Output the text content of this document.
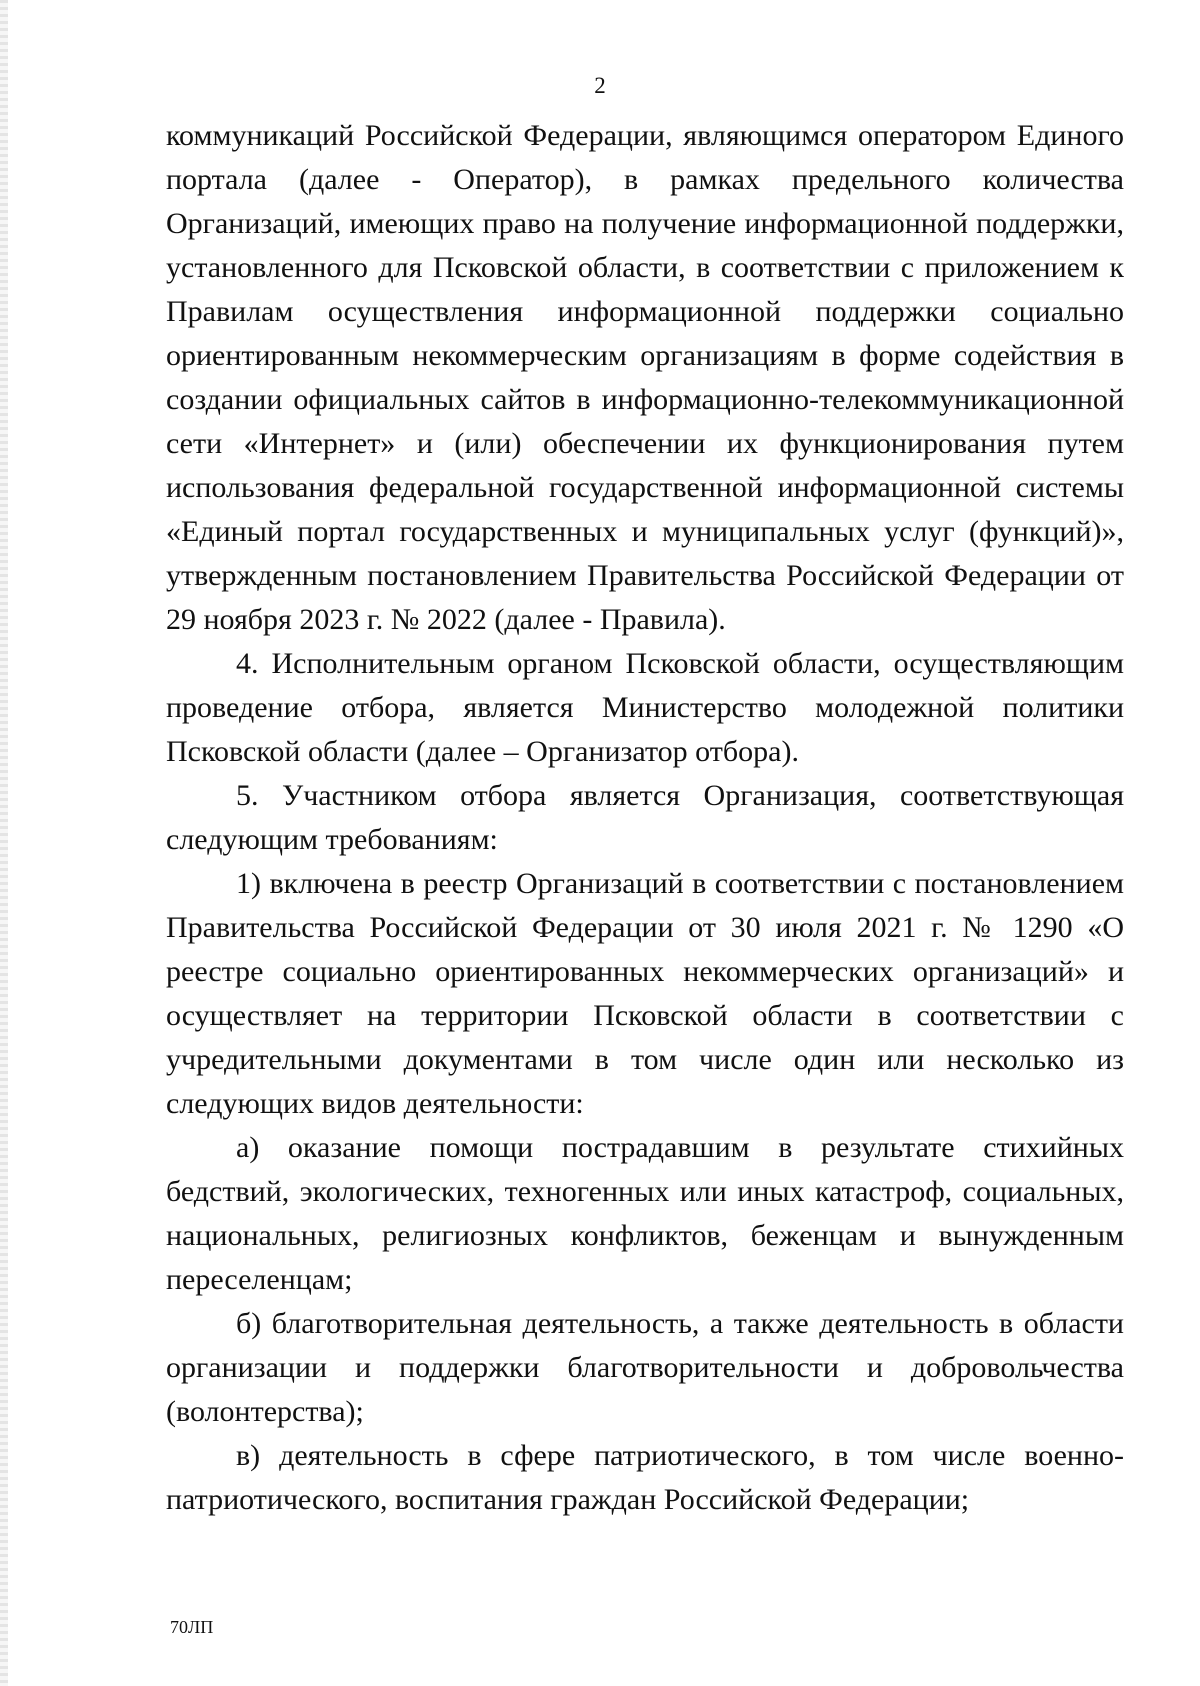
2

коммуникаций Российской Федерации, являющимся оператором Единого портала (далее - Оператор), в рамках предельного количества Организаций, имеющих право на получение информационной поддержки, установленного для Псковской области, в соответствии с приложением к Правилам осуществления информационной поддержки социально ориентированным некоммерческим организациям в форме содействия в создании официальных сайтов в информационно-телекоммуникационной сети «Интернет» и (или) обеспечении их функционирования путем использования федеральной государственной информационной системы «Единый портал государственных и муниципальных услуг (функций)», утвержденным постановлением Правительства Российской Федерации от 29 ноября 2023 г. № 2022 (далее - Правила).

4. Исполнительным органом Псковской области, осуществляющим проведение отбора, является Министерство молодежной политики Псковской области (далее – Организатор отбора).

5. Участником отбора является Организация, соответствующая следующим требованиям:

1) включена в реестр Организаций в соответствии с постановлением Правительства Российской Федерации от 30 июля 2021 г. № 1290 «О реестре социально ориентированных некоммерческих организаций» и осуществляет на территории Псковской области в соответствии с учредительными документами в том числе один или несколько из следующих видов деятельности:

а) оказание помощи пострадавшим в результате стихийных бедствий, экологических, техногенных или иных катастроф, социальных, национальных, религиозных конфликтов, беженцам и вынужденным переселенцам;

б) благотворительная деятельность, а также деятельность в области организации и поддержки благотворительности и добровольчества (волонтерства);

в) деятельность в сфере патриотического, в том числе военно-патриотического, воспитания граждан Российской Федерации;

70ЛП
